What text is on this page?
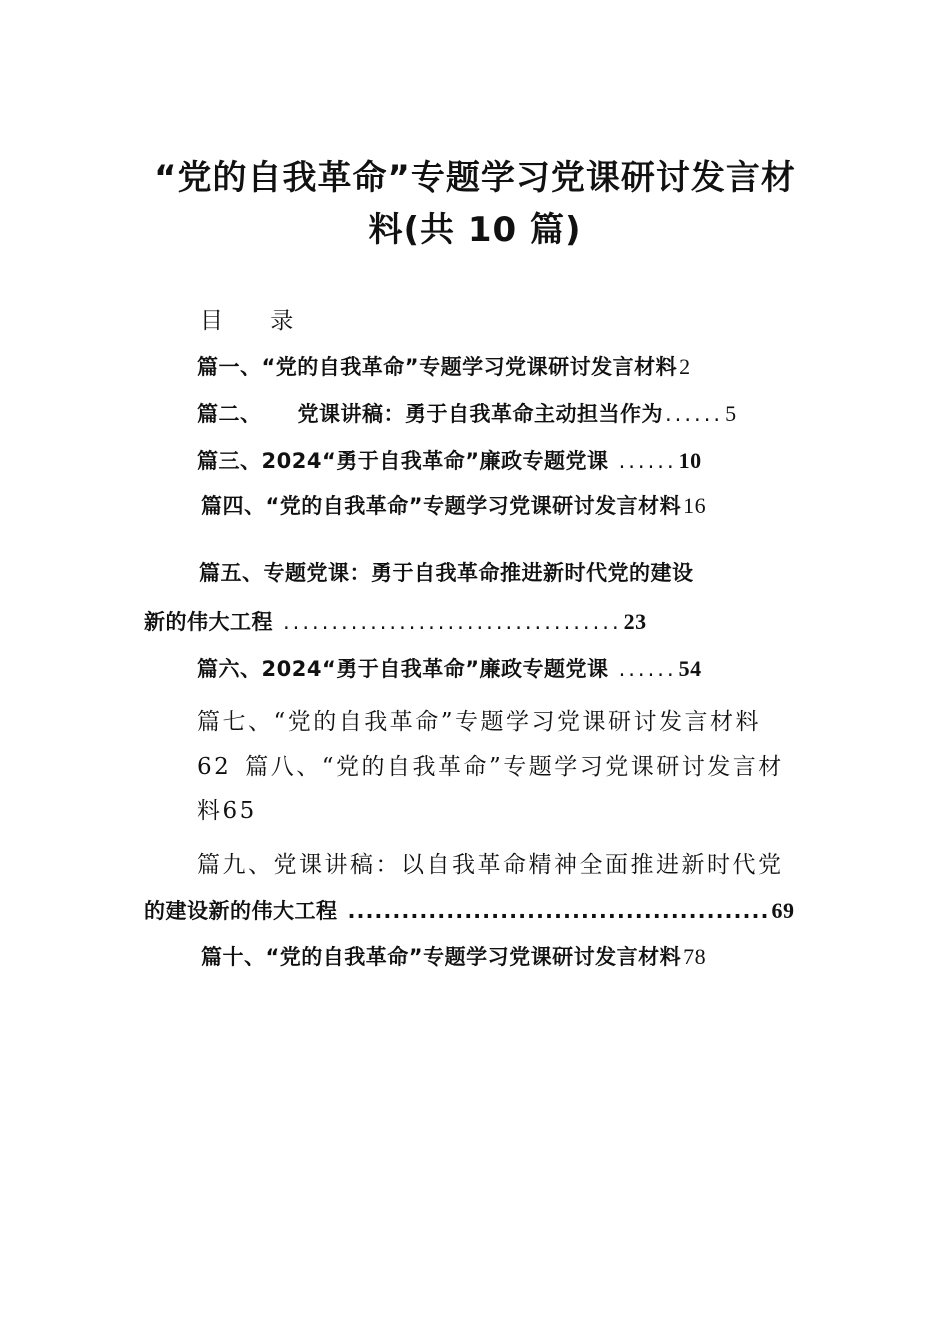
“党的自我革命”专题学习党课研讨发言材
料(共 10 篇)
目 录
篇一、“党的自我革命”专题学习党课研讨发言材料2
篇二、 党课讲稿：勇于自我革命主动担当作为......5
篇三、2024“勇于自我革命”廉政专题党课 ......10
篇四、“党的自我革命”专题学习党课研讨发言材料16
篇五、专题党课：勇于自我革命推进新时代党的建设
新的伟大工程 ...................................23
篇六、2024“勇于自我革命”廉政专题党课 ......54
篇七、“党的自我革命”专题学习党课研讨发言材料
62 篇八、“党的自我革命”专题学习党课研讨发言材
料65
篇九、党课讲稿：以自我革命精神全面推进新时代党
的建设新的伟大工程 ...............................................69
篇十、“党的自我革命”专题学习党课研讨发言材料78
